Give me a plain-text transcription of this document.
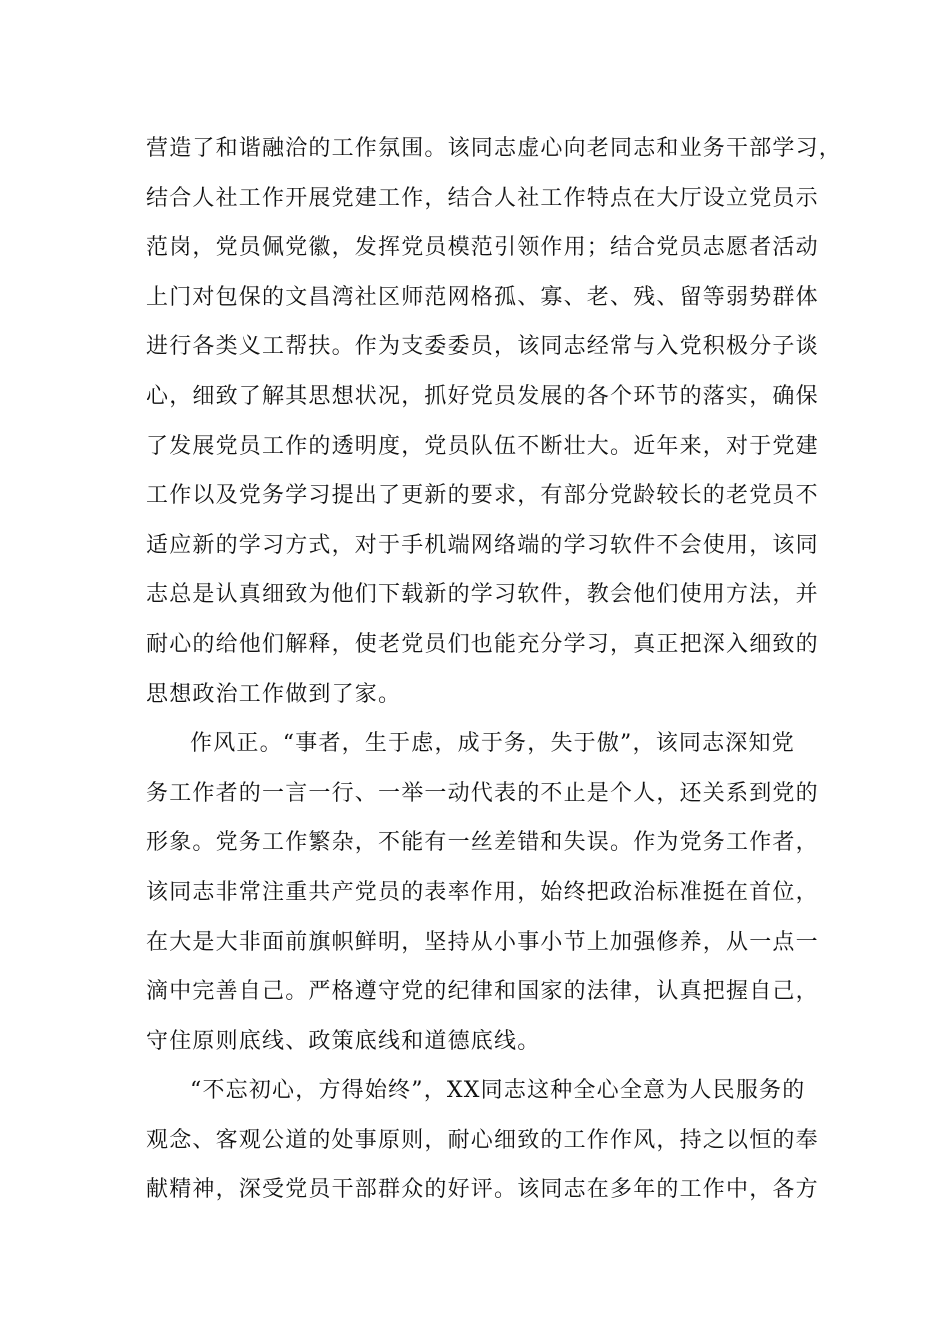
营造了和谐融洽的工作氛围。该同志虚心向老同志和业务干部学习，
结合人社工作开展党建工作，结合人社工作特点在大厅设立党员示
范岗，党员佩党徽，发挥党员模范引领作用；结合党员志愿者活动
上门对包保的文昌湾社区师范网格孤、寡、老、残、留等弱势群体
进行各类义工帮扶。作为支委委员，该同志经常与入党积极分子谈
心，细致了解其思想状况，抓好党员发展的各个环节的落实，确保
了发展党员工作的透明度，党员队伍不断壮大。近年来，对于党建
工作以及党务学习提出了更新的要求，有部分党龄较长的老党员不
适应新的学习方式，对于手机端网络端的学习软件不会使用，该同
志总是认真细致为他们下载新的学习软件，教会他们使用方法，并
耐心的给他们解释，使老党员们也能充分学习，真正把深入细致的
思想政治工作做到了家。
作风正。“事者，生于虑，成于务，失于傲”，该同志深知党
务工作者的一言一行、一举一动代表的不止是个人，还关系到党的
形象。党务工作繁杂，不能有一丝差错和失误。作为党务工作者，
该同志非常注重共产党员的表率作用，始终把政治标准挺在首位，
在大是大非面前旗帜鲜明，坚持从小事小节上加强修养，从一点一
滴中完善自己。严格遵守党的纪律和国家的法律，认真把握自己，
守住原则底线、政策底线和道德底线。
“不忘初心，方得始终”，XX同志这种全心全意为人民服务的
观念、客观公道的处事原则，耐心细致的工作作风，持之以恒的奉
献精神，深受党员干部群众的好评。该同志在多年的工作中，各方
